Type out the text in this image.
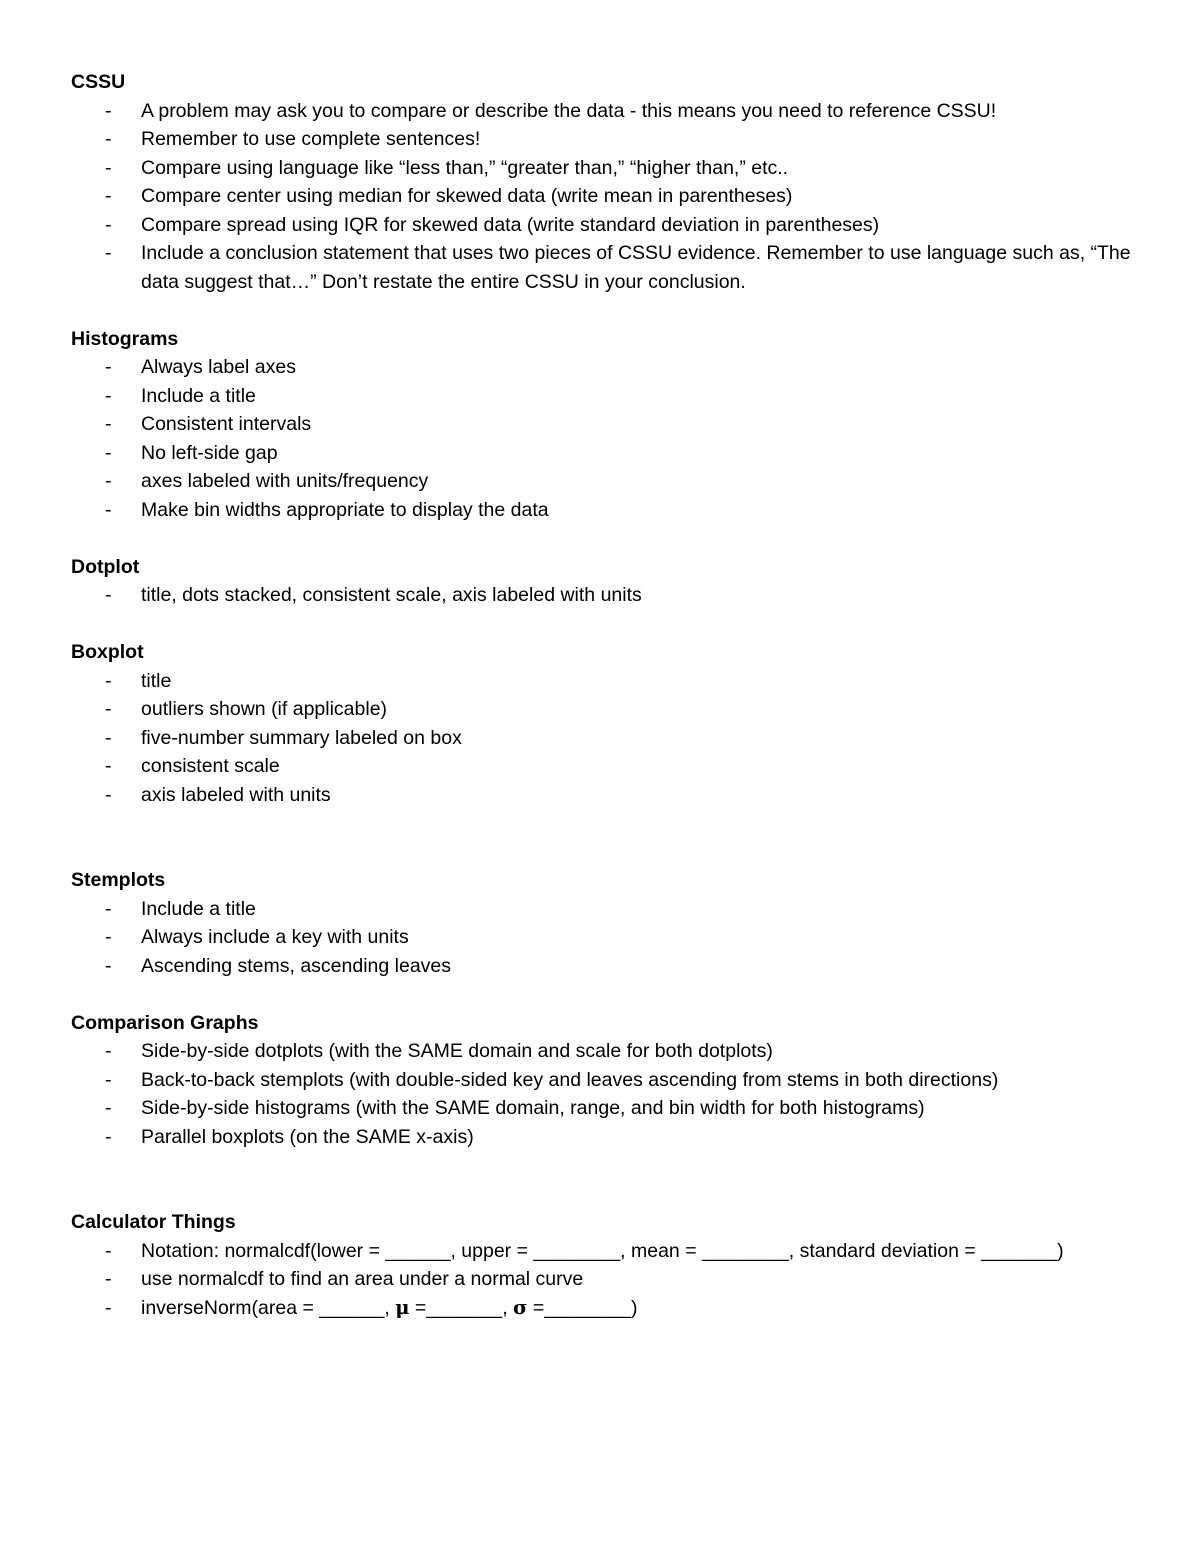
CSSU

- A problem may ask you to compare or describe the data - this means you need to reference CSSU!
- Remember to use complete sentences!
- Compare using language like “less than,” “greater than,” “higher than,” etc..
- Compare center using median for skewed data (write mean in parentheses)
- Compare spread using IQR for skewed data (write standard deviation in parentheses)
- Include a conclusion statement that uses two pieces of CSSU evidence. Remember to use language such as, “The data suggest that…” Don’t restate the entire CSSU in your conclusion.

Histograms

- Always label axes
- Include a title
- Consistent intervals
- No left-side gap
- axes labeled with units/frequency
- Make bin widths appropriate to display the data

Dotplot

- title, dots stacked, consistent scale, axis labeled with units

Boxplot

- title
- outliers shown (if applicable)
- five-number summary labeled on box
- consistent scale
- axis labeled with units

Stemplots

- Include a title
- Always include a key with units
- Ascending stems, ascending leaves

Comparison Graphs

- Side-by-side dotplots (with the SAME domain and scale for both dotplots)
- Back-to-back stemplots (with double-sided key and leaves ascending from stems in both directions)
- Side-by-side histograms (with the SAME domain, range, and bin width for both histograms)
- Parallel boxplots (on the SAME x-axis)

Calculator Things

- Notation: normalcdf(lower = ______, upper = ________, mean = ________, standard deviation = _______)
- use normalcdf to find an area under a normal curve
- inverseNorm(area = ______, μ =_______, σ =________)
